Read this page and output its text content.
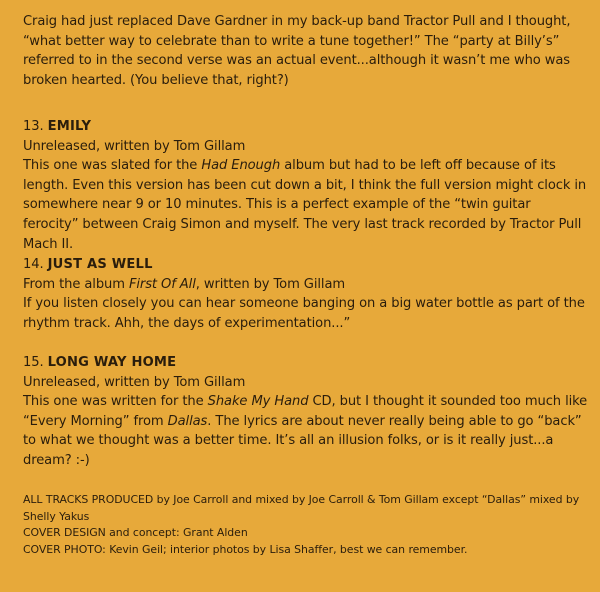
Craig had just replaced Dave Gardner in my back-up band Tractor Pull and I thought, “what better way to celebrate than to write a tune together!” The “party at Billy’s” referred to in the second verse was an actual event...although it wasn’t me who was broken hearted. (You believe that, right?)

13. EMILY

Unreleased, written by Tom Gillam

This one was slated for the Had Enough album but had to be left off because of its length. Even this version has been cut down a bit, I think the full version might clock in somewhere near 9 or 10 minutes. This is a perfect example of the “twin guitar ferocity” between Craig Simon and myself. The very last track recorded by Tractor Pull Mach II.

14. JUST AS WELL

From the album First Of All, written by Tom Gillam

If you listen closely you can hear someone banging on a big water bottle as part of the rhythm track. Ahh, the days of experimentation...”

15. LONG WAY HOME

Unreleased, written by Tom Gillam

This one was written for the Shake My Hand CD, but I thought it sounded too much like “Every Morning” from Dallas. The lyrics are about never really being able to go “back” to what we thought was a better time. It’s all an illusion folks, or is it really just...a dream? :-)

ALL TRACKS PRODUCED by Joe Carroll and mixed by Joe Carroll & Tom Gillam except “Dallas” mixed by Shelly Yakus

COVER DESIGN and concept: Grant Alden

COVER PHOTO: Kevin Geil; interior photos by Lisa Shaffer, best we can remember.
